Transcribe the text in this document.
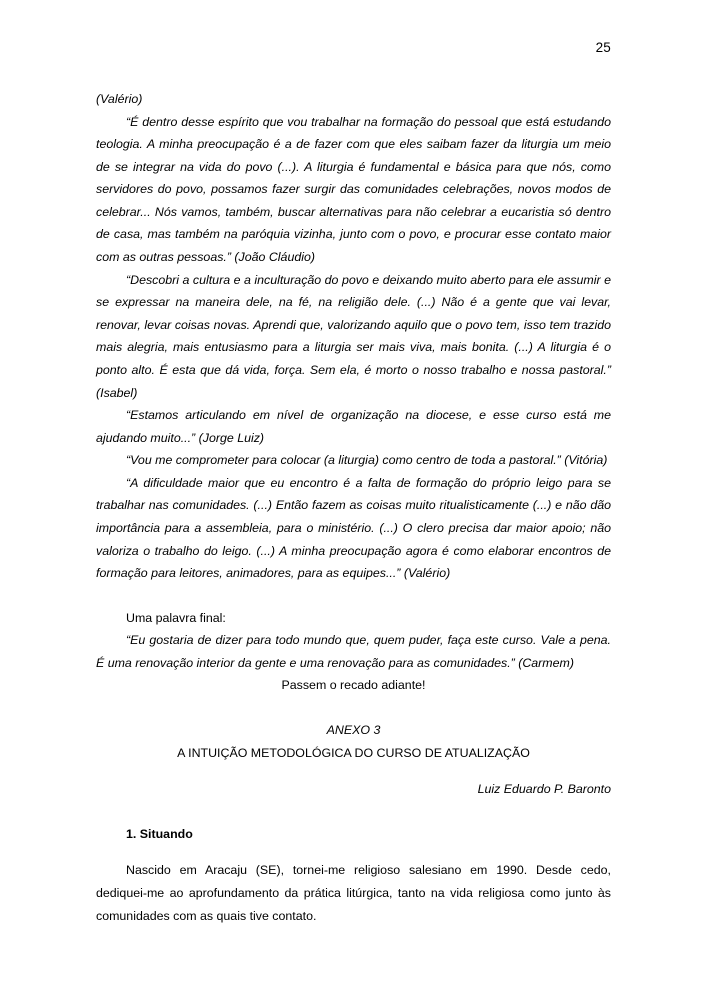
25

(Valério)

“É dentro desse espírito que vou trabalhar na formação do pessoal que está estudando teologia. A minha preocupação é a de fazer com que eles saibam fazer da liturgia um meio de se integrar na vida do povo (...). A liturgia é fundamental e básica para que nós, como servidores do povo, possamos fazer surgir das comunidades celebrações, novos modos de celebrar... Nós vamos, também, buscar alternativas para não celebrar a eucaristia só dentro de casa, mas também na paróquia vizinha, junto com o povo, e procurar esse contato maior com as outras pessoas.” (João Cláudio)

“Descobri a cultura e a inculturação do povo e deixando muito aberto para ele assumir e se expressar na maneira dele, na fé, na religião dele. (...) Não é a gente que vai levar, renovar, levar coisas novas. Aprendi que, valorizando aquilo que o povo tem, isso tem trazido mais alegria, mais entusiasmo para a liturgia ser mais viva, mais bonita. (...) A liturgia é o ponto alto. É esta que dá vida, força. Sem ela, é morto o nosso trabalho e nossa pastoral.” (Isabel)

“Estamos articulando em nível de organização na diocese, e esse curso está me ajudando muito...” (Jorge Luiz)

“Vou me comprometer para colocar (a liturgia) como centro de toda a pastoral.” (Vitória)

“A dificuldade maior que eu encontro é a falta de formação do próprio leigo para se trabalhar nas comunidades. (...) Então fazem as coisas muito ritualisticamente (...) e não dão importância para a assembleia, para o ministério. (...) O clero precisa dar maior apoio; não valoriza o trabalho do leigo. (...) A minha preocupação agora é como elaborar encontros de formação para leitores, animadores, para as equipes...” (Valério)

Uma palavra final:

“Eu gostaria de dizer para todo mundo que, quem puder, faça este curso. Vale a pena. É uma renovação interior da gente e uma renovação para as comunidades.” (Carmem)

Passem o recado adiante!

ANEXO 3

A INTUIÇÃO METODOLÓGICA DO CURSO DE ATUALIZAÇÃO

Luiz Eduardo P. Baronto

1. Situando

Nascido em Aracaju (SE), tornei-me religioso salesiano em 1990. Desde cedo, dediquei-me ao aprofundamento da prática litúrgica, tanto na vida religiosa como junto às comunidades com as quais tive contato.
